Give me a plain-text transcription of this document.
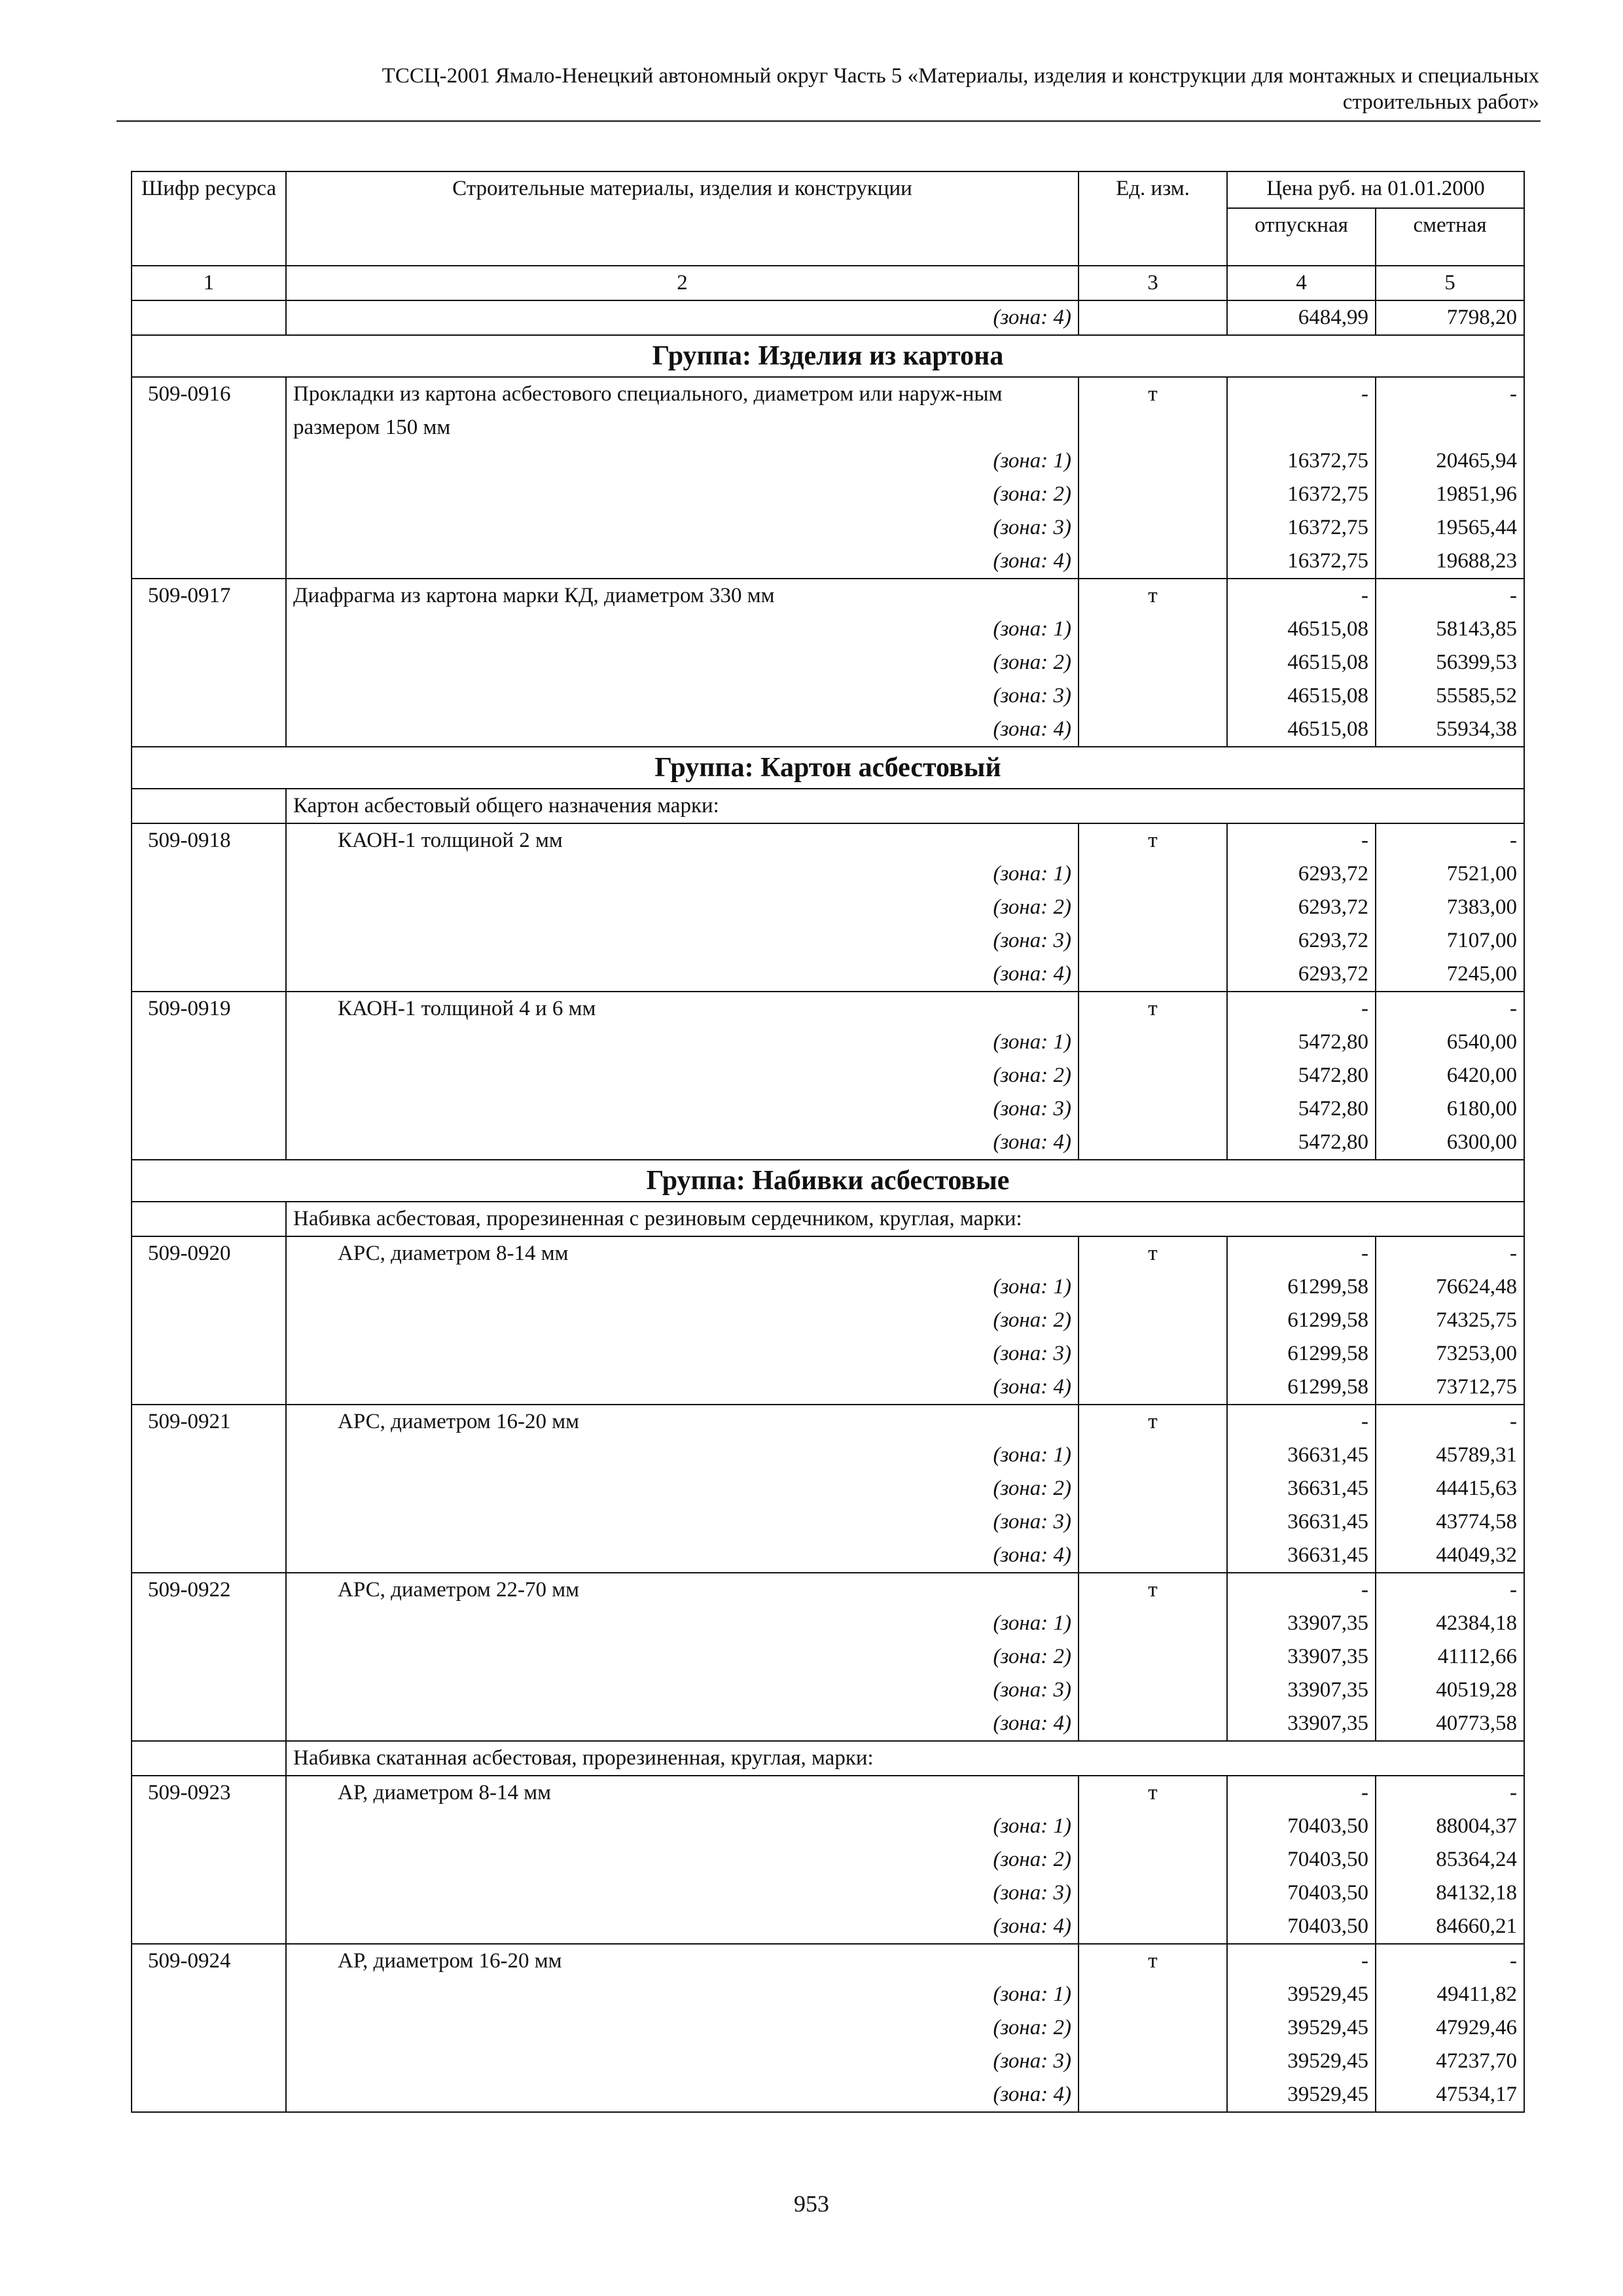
ТССЦ-2001 Ямало-Ненецкий автономный округ Часть 5 «Материалы, изделия и конструкции для монтажных и специальных
строительных работ»
Шифр ресурса	Строительные материалы, изделия и конструкции	Ед. изм.	Цена руб. на 01.01.2000	
			отпускная	сметная
1	2	3	4	5
	(зона: 4)		6484,99	7798,20
Группа: Изделия из картона				
509-0916	Прокладки из картона асбестового специального, диаметром или наруж-ным размером 150 мм	т	-	-
	(зона: 1)		16372,75	20465,94
	(зона: 2)		16372,75	19851,96
	(зона: 3)		16372,75	19565,44
	(зона: 4)		16372,75	19688,23
509-0917	Диафрагма из картона марки КД, диаметром 330 мм	т	-	-
	(зона: 1)		46515,08	58143,85
	(зона: 2)		46515,08	56399,53
	(зона: 3)		46515,08	55585,52
	(зона: 4)		46515,08	55934,38
Группа: Картон асбестовый				
	Картон асбестовый общего назначения марки:			
509-0918	КАОН-1 толщиной 2 мм	т	-	-
	(зона: 1)		6293,72	7521,00
	(зона: 2)		6293,72	7383,00
	(зона: 3)		6293,72	7107,00
	(зона: 4)		6293,72	7245,00
509-0919	КАОН-1 толщиной 4 и 6 мм	т	-	-
	(зона: 1)		5472,80	6540,00
	(зона: 2)		5472,80	6420,00
	(зона: 3)		5472,80	6180,00
	(зона: 4)		5472,80	6300,00
Группа: Набивки асбестовые				
	Набивка асбестовая, прорезиненная с резиновым сердечником, круглая, марки:			
509-0920	АРС, диаметром 8-14 мм	т	-	-
	(зона: 1)		61299,58	76624,48
	(зона: 2)		61299,58	74325,75
	(зона: 3)		61299,58	73253,00
	(зона: 4)		61299,58	73712,75
509-0921	АРС, диаметром 16-20 мм	т	-	-
	(зона: 1)		36631,45	45789,31
	(зона: 2)		36631,45	44415,63
	(зона: 3)		36631,45	43774,58
	(зона: 4)		36631,45	44049,32
509-0922	АРС, диаметром 22-70 мм	т	-	-
	(зона: 1)		33907,35	42384,18
	(зона: 2)		33907,35	41112,66
	(зона: 3)		33907,35	40519,28
	(зона: 4)		33907,35	40773,58
	Набивка скатанная асбестовая, прорезиненная, круглая, марки:			
509-0923	АР, диаметром 8-14 мм	т	-	-
	(зона: 1)		70403,50	88004,37
	(зона: 2)		70403,50	85364,24
	(зона: 3)		70403,50	84132,18
	(зона: 4)		70403,50	84660,21
509-0924	АР, диаметром 16-20 мм	т	-	-
	(зона: 1)		39529,45	49411,82
	(зона: 2)		39529,45	47929,46
	(зона: 3)		39529,45	47237,70
	(зона: 4)		39529,45	47534,17
953
